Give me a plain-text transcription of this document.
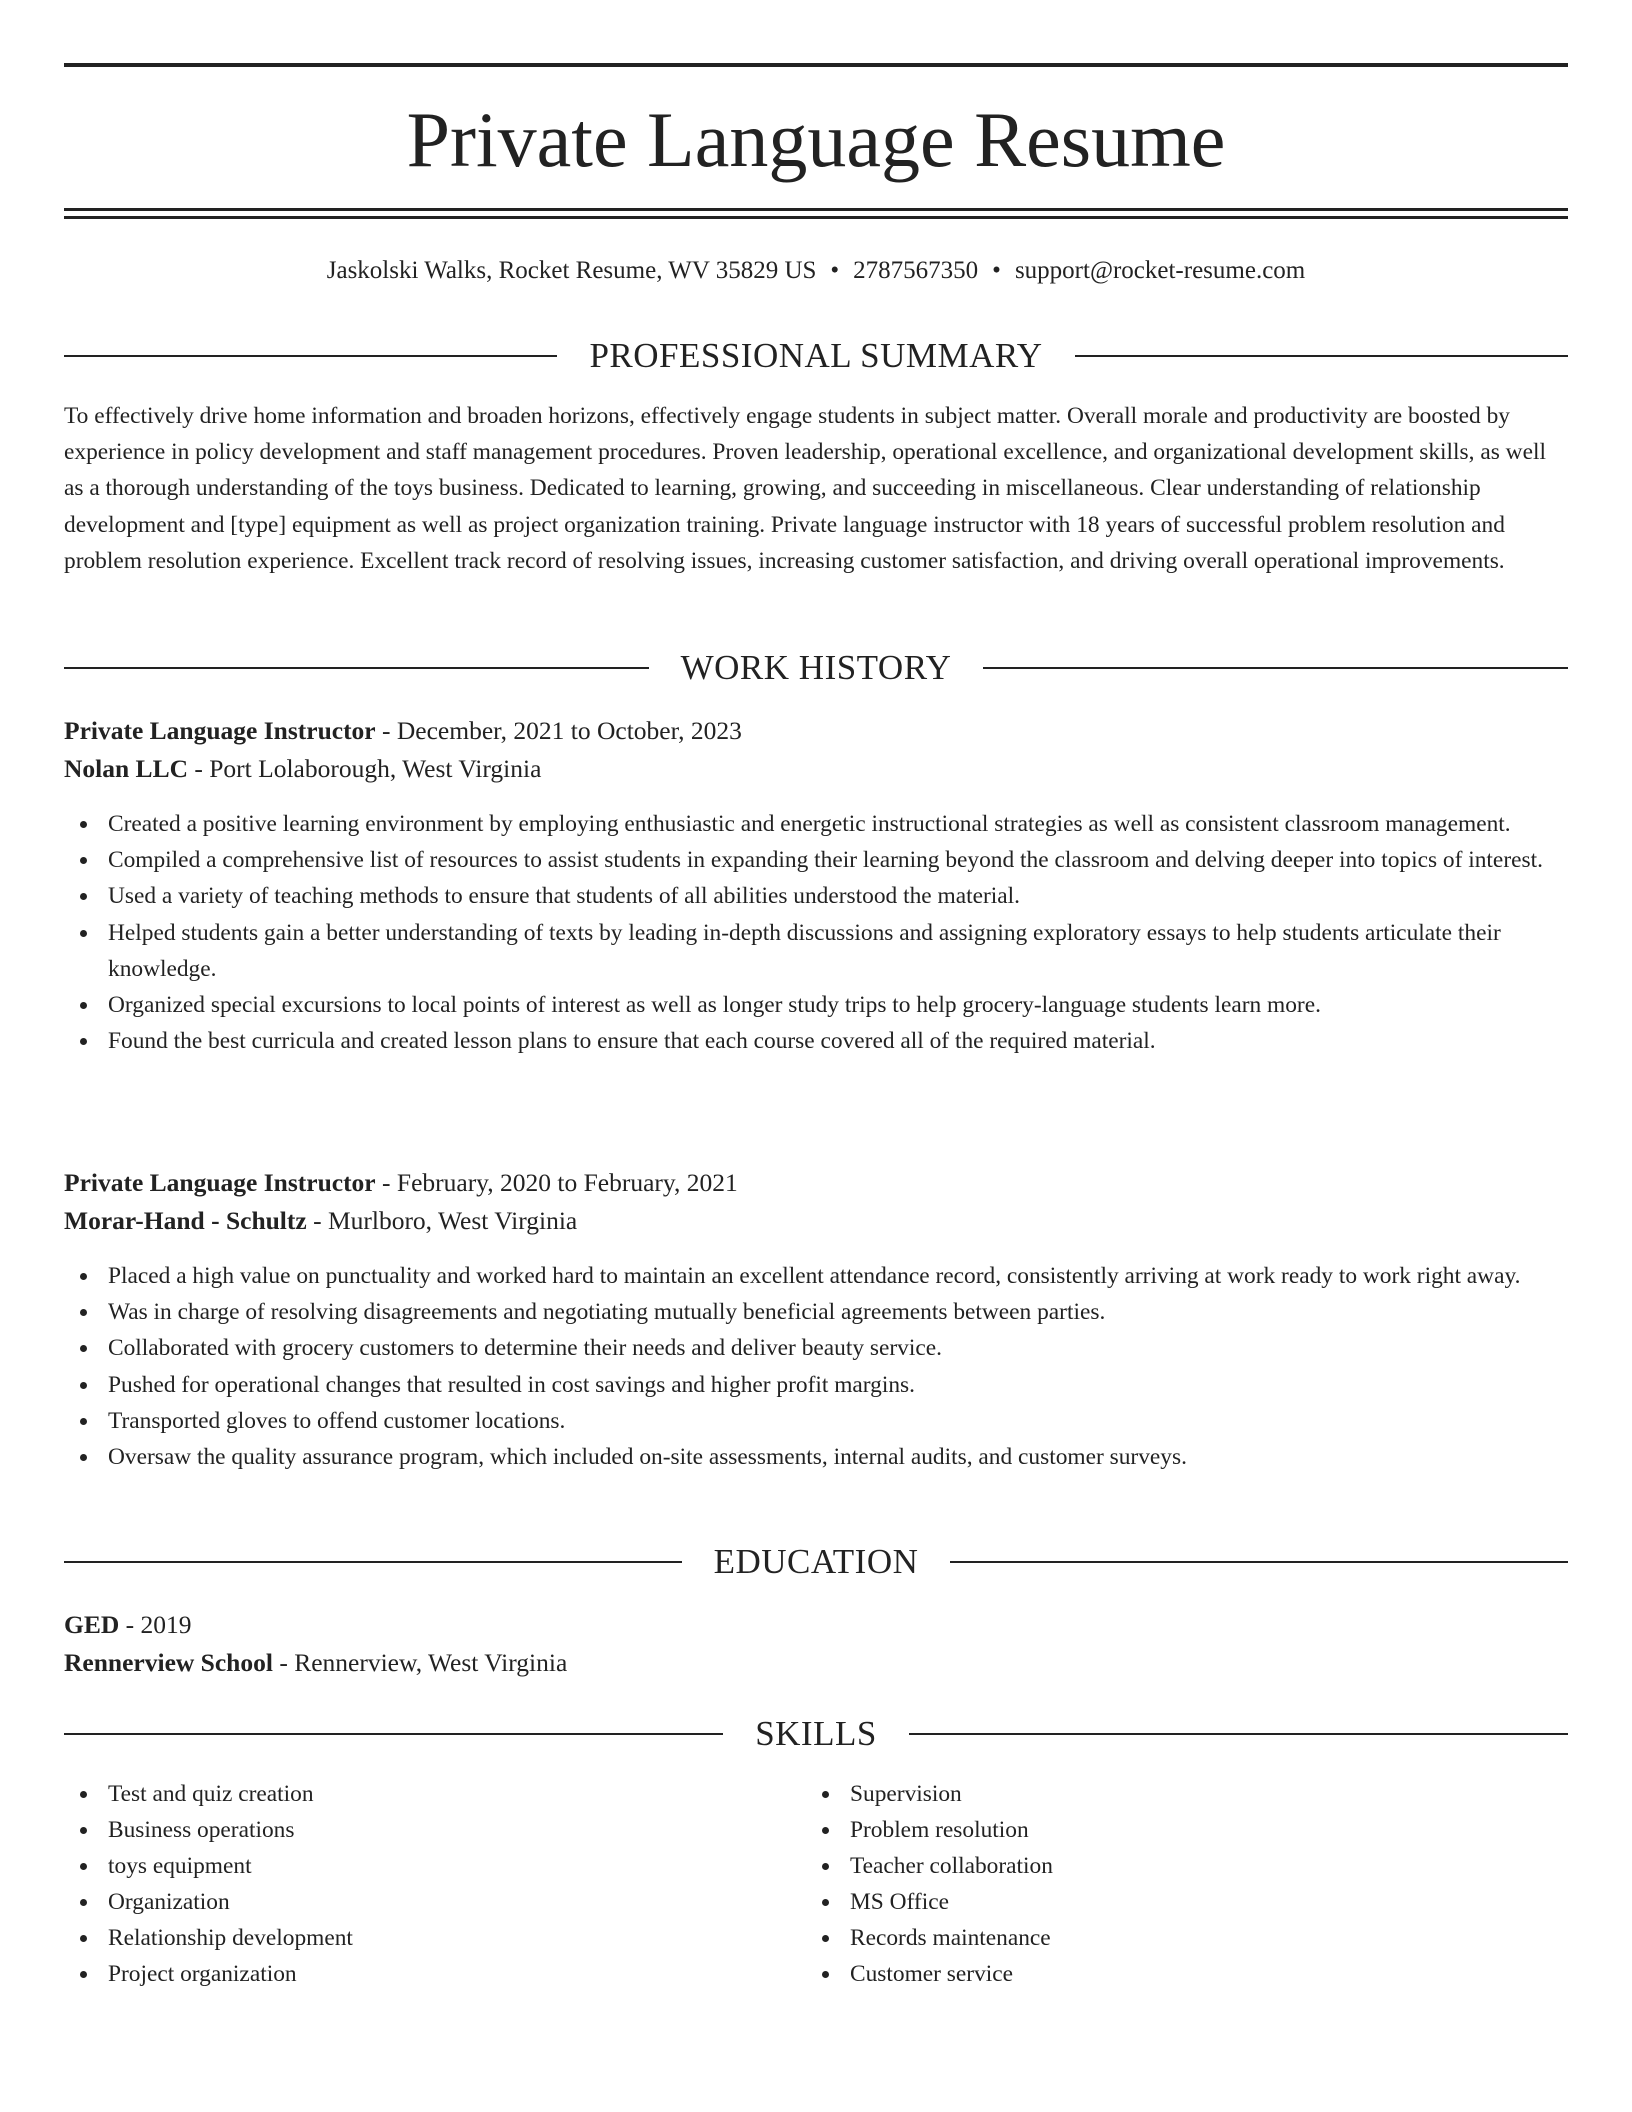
Private Language Resume
Jaskolski Walks, Rocket Resume, WV 35829 US • 2787567350 • support@rocket-resume.com
PROFESSIONAL SUMMARY

To effectively drive home information and broaden horizons, effectively engage students in subject matter. Overall morale and productivity are boosted by experience in policy development and staff management procedures. Proven leadership, operational excellence, and organizational development skills, as well as a thorough understanding of the toys business. Dedicated to learning, growing, and succeeding in miscellaneous. Clear understanding of relationship development and [type] equipment as well as project organization training. Private language instructor with 18 years of successful problem resolution and problem resolution experience. Excellent track record of resolving issues, increasing customer satisfaction, and driving overall operational improvements.

WORK HISTORY
Private Language Instructor - December, 2021 to October, 2023
Nolan LLC - Port Lolaborough, West Virginia
Created a positive learning environment by employing enthusiastic and energetic instructional strategies as well as consistent classroom management.
Compiled a comprehensive list of resources to assist students in expanding their learning beyond the classroom and delving deeper into topics of interest.
Used a variety of teaching methods to ensure that students of all abilities understood the material.
Helped students gain a better understanding of texts by leading in-depth discussions and assigning exploratory essays to help students articulate their knowledge.
Organized special excursions to local points of interest as well as longer study trips to help grocery-language students learn more.
Found the best curricula and created lesson plans to ensure that each course covered all of the required material.
Private Language Instructor - February, 2020 to February, 2021
Morar-Hand - Schultz - Murlboro, West Virginia
Placed a high value on punctuality and worked hard to maintain an excellent attendance record, consistently arriving at work ready to work right away.
Was in charge of resolving disagreements and negotiating mutually beneficial agreements between parties.
Collaborated with grocery customers to determine their needs and deliver beauty service.
Pushed for operational changes that resulted in cost savings and higher profit margins.
Transported gloves to offend customer locations.
Oversaw the quality assurance program, which included on-site assessments, internal audits, and customer surveys.
EDUCATION
GED - 2019
Rennerview School - Rennerview, West Virginia
SKILLS
Test and quiz creation
Business operations
toys equipment
Organization
Relationship development
Project organization
Supervision
Problem resolution
Teacher collaboration
MS Office
Records maintenance
Customer service
